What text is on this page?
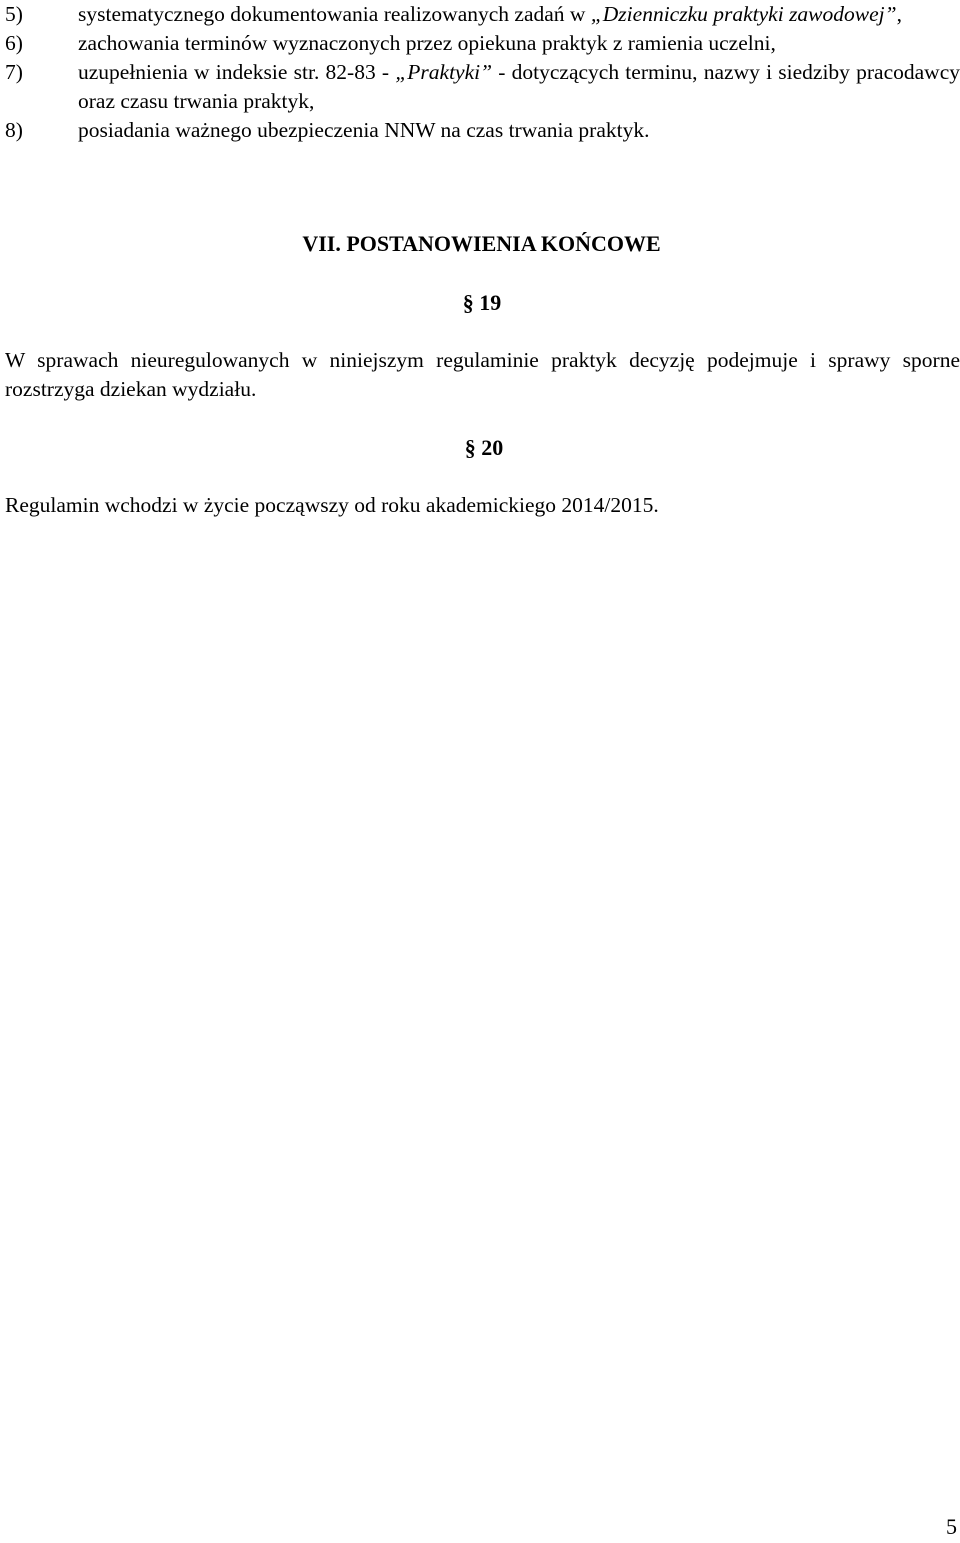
5)	systematycznego dokumentowania realizowanych zadań w „Dzienniczku praktyki zawodowej”,
6)	zachowania terminów wyznaczonych przez opiekuna praktyk z ramienia uczelni,
7)	uzupełnienia w indeksie str. 82-83 - „Praktyki” - dotyczących terminu, nazwy i siedziby pracodawcy oraz czasu trwania praktyk,
8)	posiadania ważnego ubezpieczenia NNW na czas trwania praktyk.
VII. POSTANOWIENIA KOŃCOWE
§ 19

W sprawach nieuregulowanych w niniejszym regulaminie praktyk decyzję podejmuje i sprawy sporne rozstrzyga dziekan wydziału.

§ 20

Regulamin wchodzi w życie począwszy od roku akademickiego 2014/2015.

5
